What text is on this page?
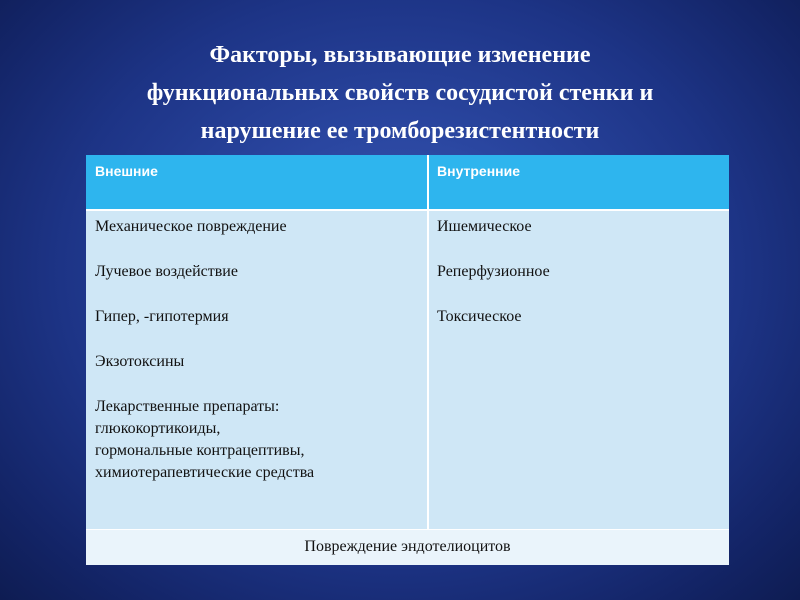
Факторы, вызывающие изменение
функциональных свойств сосудистой стенки и
нарушение ее тромборезистентности
Внешние	Внутренние
Механическое повреждение
Лучевое воздействие
Гипер, -гипотермия
Экзотоксины
Лекарственные препараты:
глюкокортикоиды,
гормональные контрацептивы,
химиотерапевтические средства
Ишемическое
Реперфузионное
Токсическое
Повреждение эндотелиоцитов
